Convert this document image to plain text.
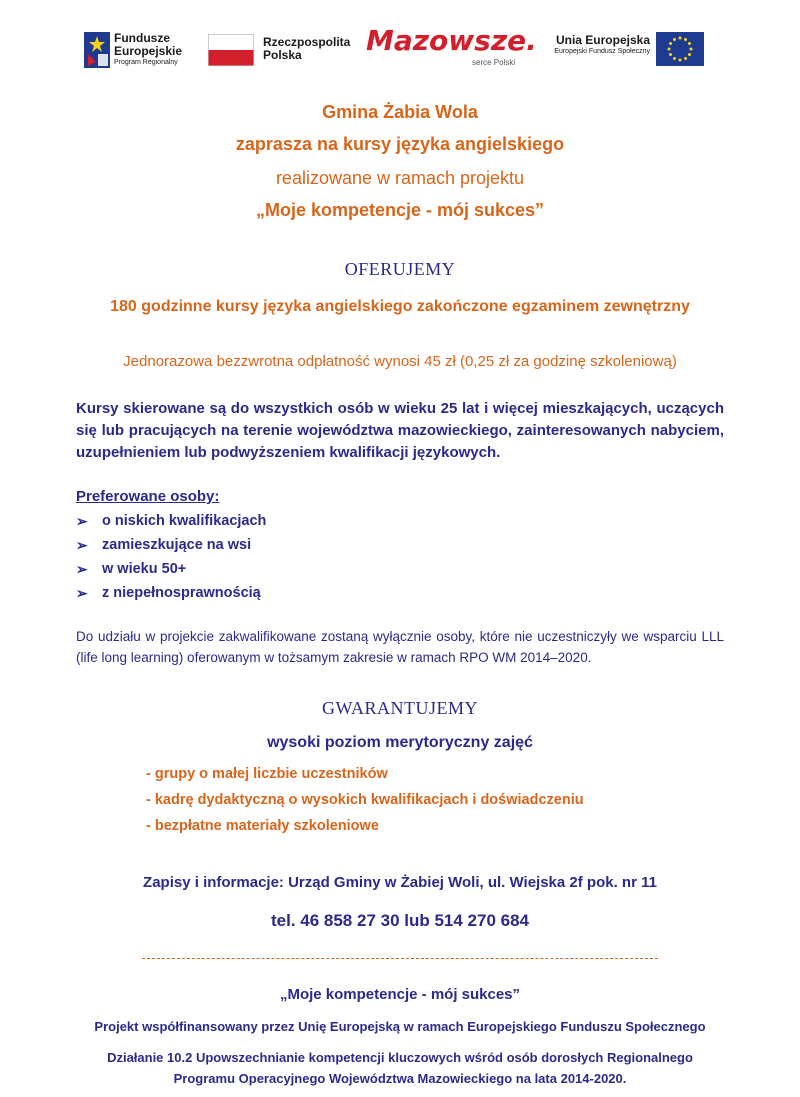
Fundusze
Europejskie
Program Regionalny
Rzeczpospolita
Polska	Mazowsze.
serce Polski
Unia Europejska
Europejski Fundusz Społeczny
Gmina Żabia Wola
zaprasza na kursy języka angielskiego
realizowane w ramach projektu
„Moje kompetencje - mój sukces”
OFERUJEMY
180 godzinne kursy języka angielskiego zakończone egzaminem zewnętrzny
Jednorazowa bezzwrotna odpłatność wynosi 45 zł (0,25 zł za godzinę szkoleniową)
Kursy skierowane są do wszystkich osób w wieku 25 lat i więcej mieszkających, uczących się lub pracujących na terenie województwa mazowieckiego, zainteresowanych nabyciem, uzupełnieniem lub podwyższeniem kwalifikacji językowych.
Preferowane osoby:
➢ o niskich kwalifikacjach
➢ zamieszkujące na wsi
➢ w wieku 50+
➢ z niepełnosprawnością
Do udziału w projekcie zakwalifikowane zostaną wyłącznie osoby, które nie uczestniczyły we wsparciu LLL (life long learning) oferowanym w tożsamym zakresie w ramach RPO WM 2014–2020.
GWARANTUJEMY
wysoki poziom merytoryczny zajęć
- grupy o małej liczbie uczestników
- kadrę dydaktyczną o wysokich kwalifikacjach i doświadczeniu
- bezpłatne materiały szkoleniowe
Zapisy i informacje: Urząd Gminy w Żabiej Woli, ul. Wiejska 2f pok. nr 11
tel. 46 858 27 30 lub 514 270 684
„Moje kompetencje - mój sukces”
Projekt współfinansowany przez Unię Europejską w ramach Europejskiego Funduszu Społecznego
Działanie 10.2 Upowszechnianie kompetencji kluczowych wśród osób dorosłych Regionalnego
Programu Operacyjnego Województwa Mazowieckiego na lata 2014-2020.
